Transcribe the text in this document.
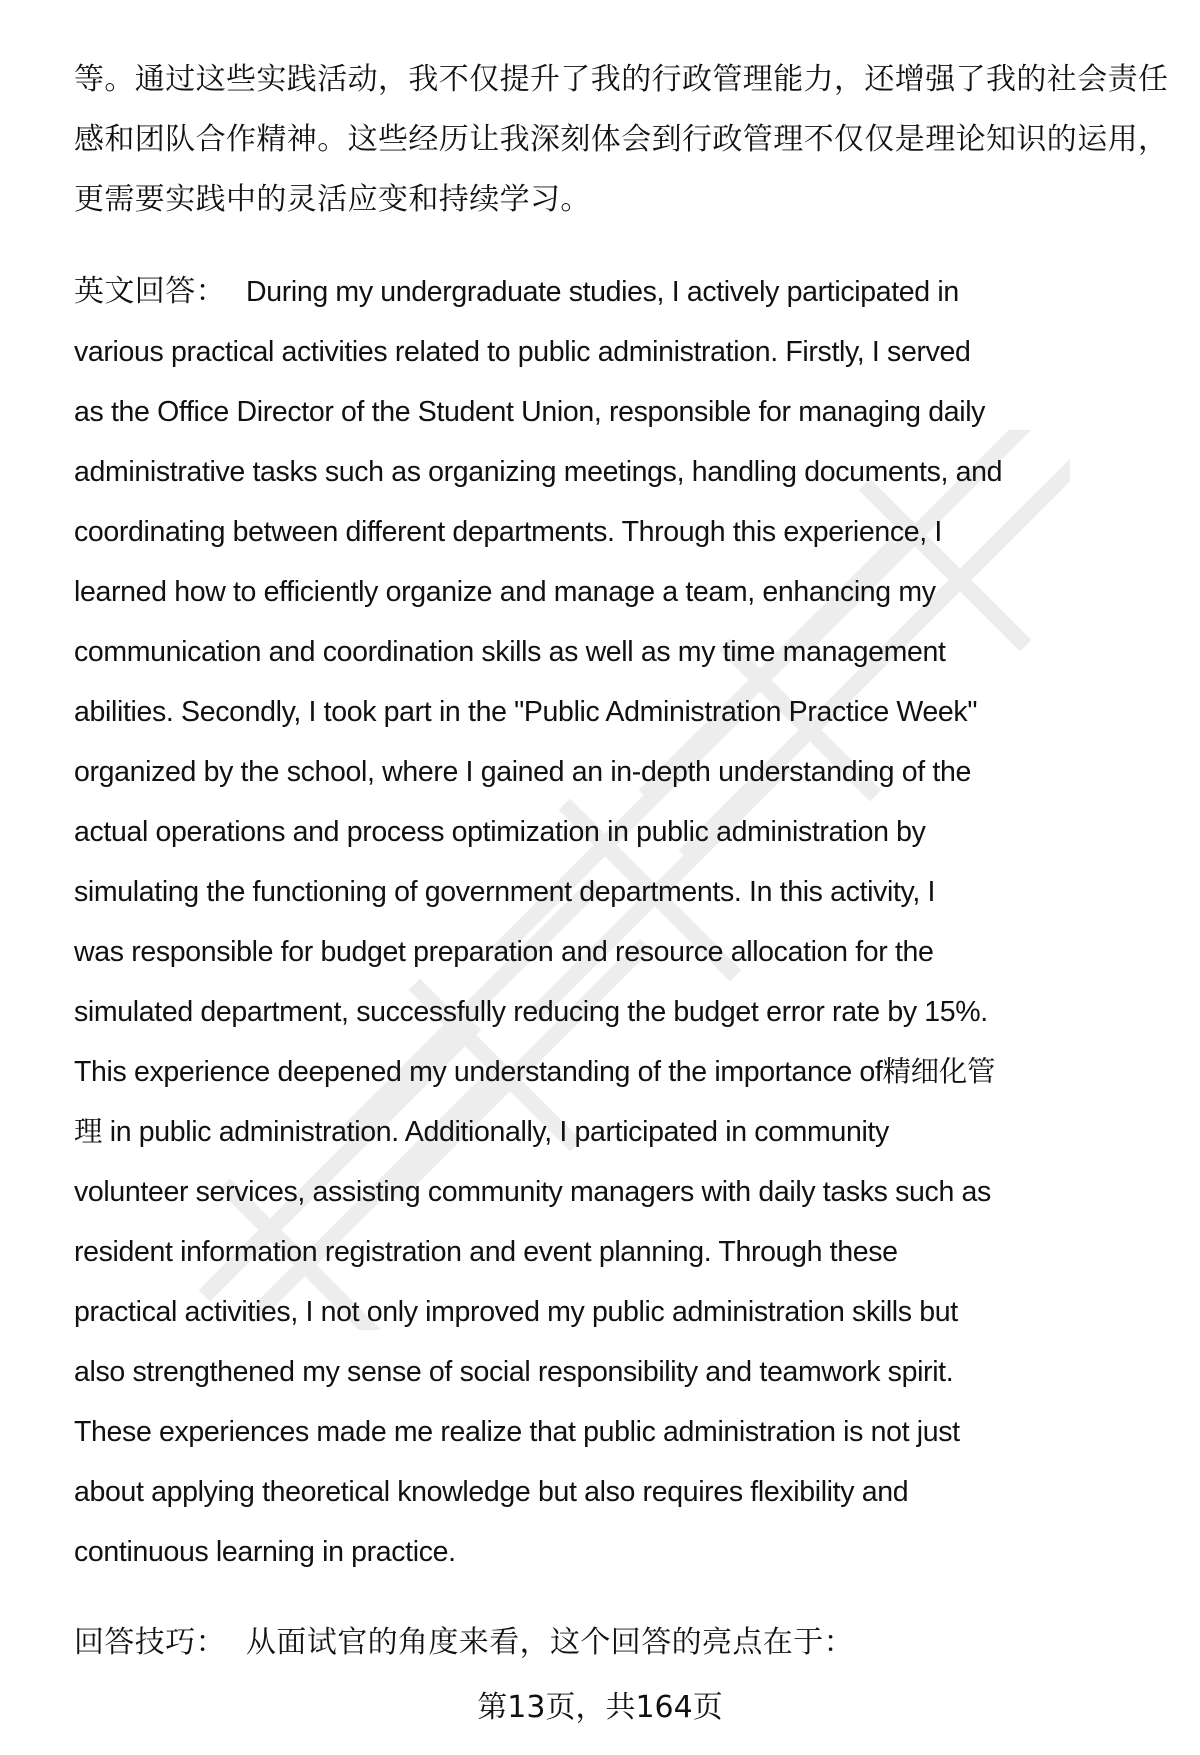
等。通过这些实践活动，我不仅提升了我的行政管理能力，还增强了我的社会责任
感和团队合作精神。这些经历让我深刻体会到行政管理不仅仅是理论知识的运用，
更需要实践中的灵活应变和持续学习。
英文回答： During my undergraduate studies, I actively participated in
various practical activities related to public administration. Firstly, I served
as the Office Director of the Student Union, responsible for managing daily
administrative tasks such as organizing meetings, handling documents, and
coordinating between different departments. Through this experience, I
learned how to efficiently organize and manage a team, enhancing my
communication and coordination skills as well as my time management
abilities. Secondly, I took part in the "Public Administration Practice Week"
organized by the school, where I gained an in-depth understanding of the
actual operations and process optimization in public administration by
simulating the functioning of government departments. In this activity, I
was responsible for budget preparation and resource allocation for the
simulated department, successfully reducing the budget error rate by 15%.
This experience deepened my understanding of the importance of精细化管
理 in public administration. Additionally, I participated in community
volunteer services, assisting community managers with daily tasks such as
resident information registration and event planning. Through these
practical activities, I not only improved my public administration skills but
also strengthened my sense of social responsibility and teamwork spirit.
These experiences made me realize that public administration is not just
about applying theoretical knowledge but also requires flexibility and
continuous learning in practice.
回答技巧： 从面试官的角度来看，这个回答的亮点在于：
第13页，共164页
